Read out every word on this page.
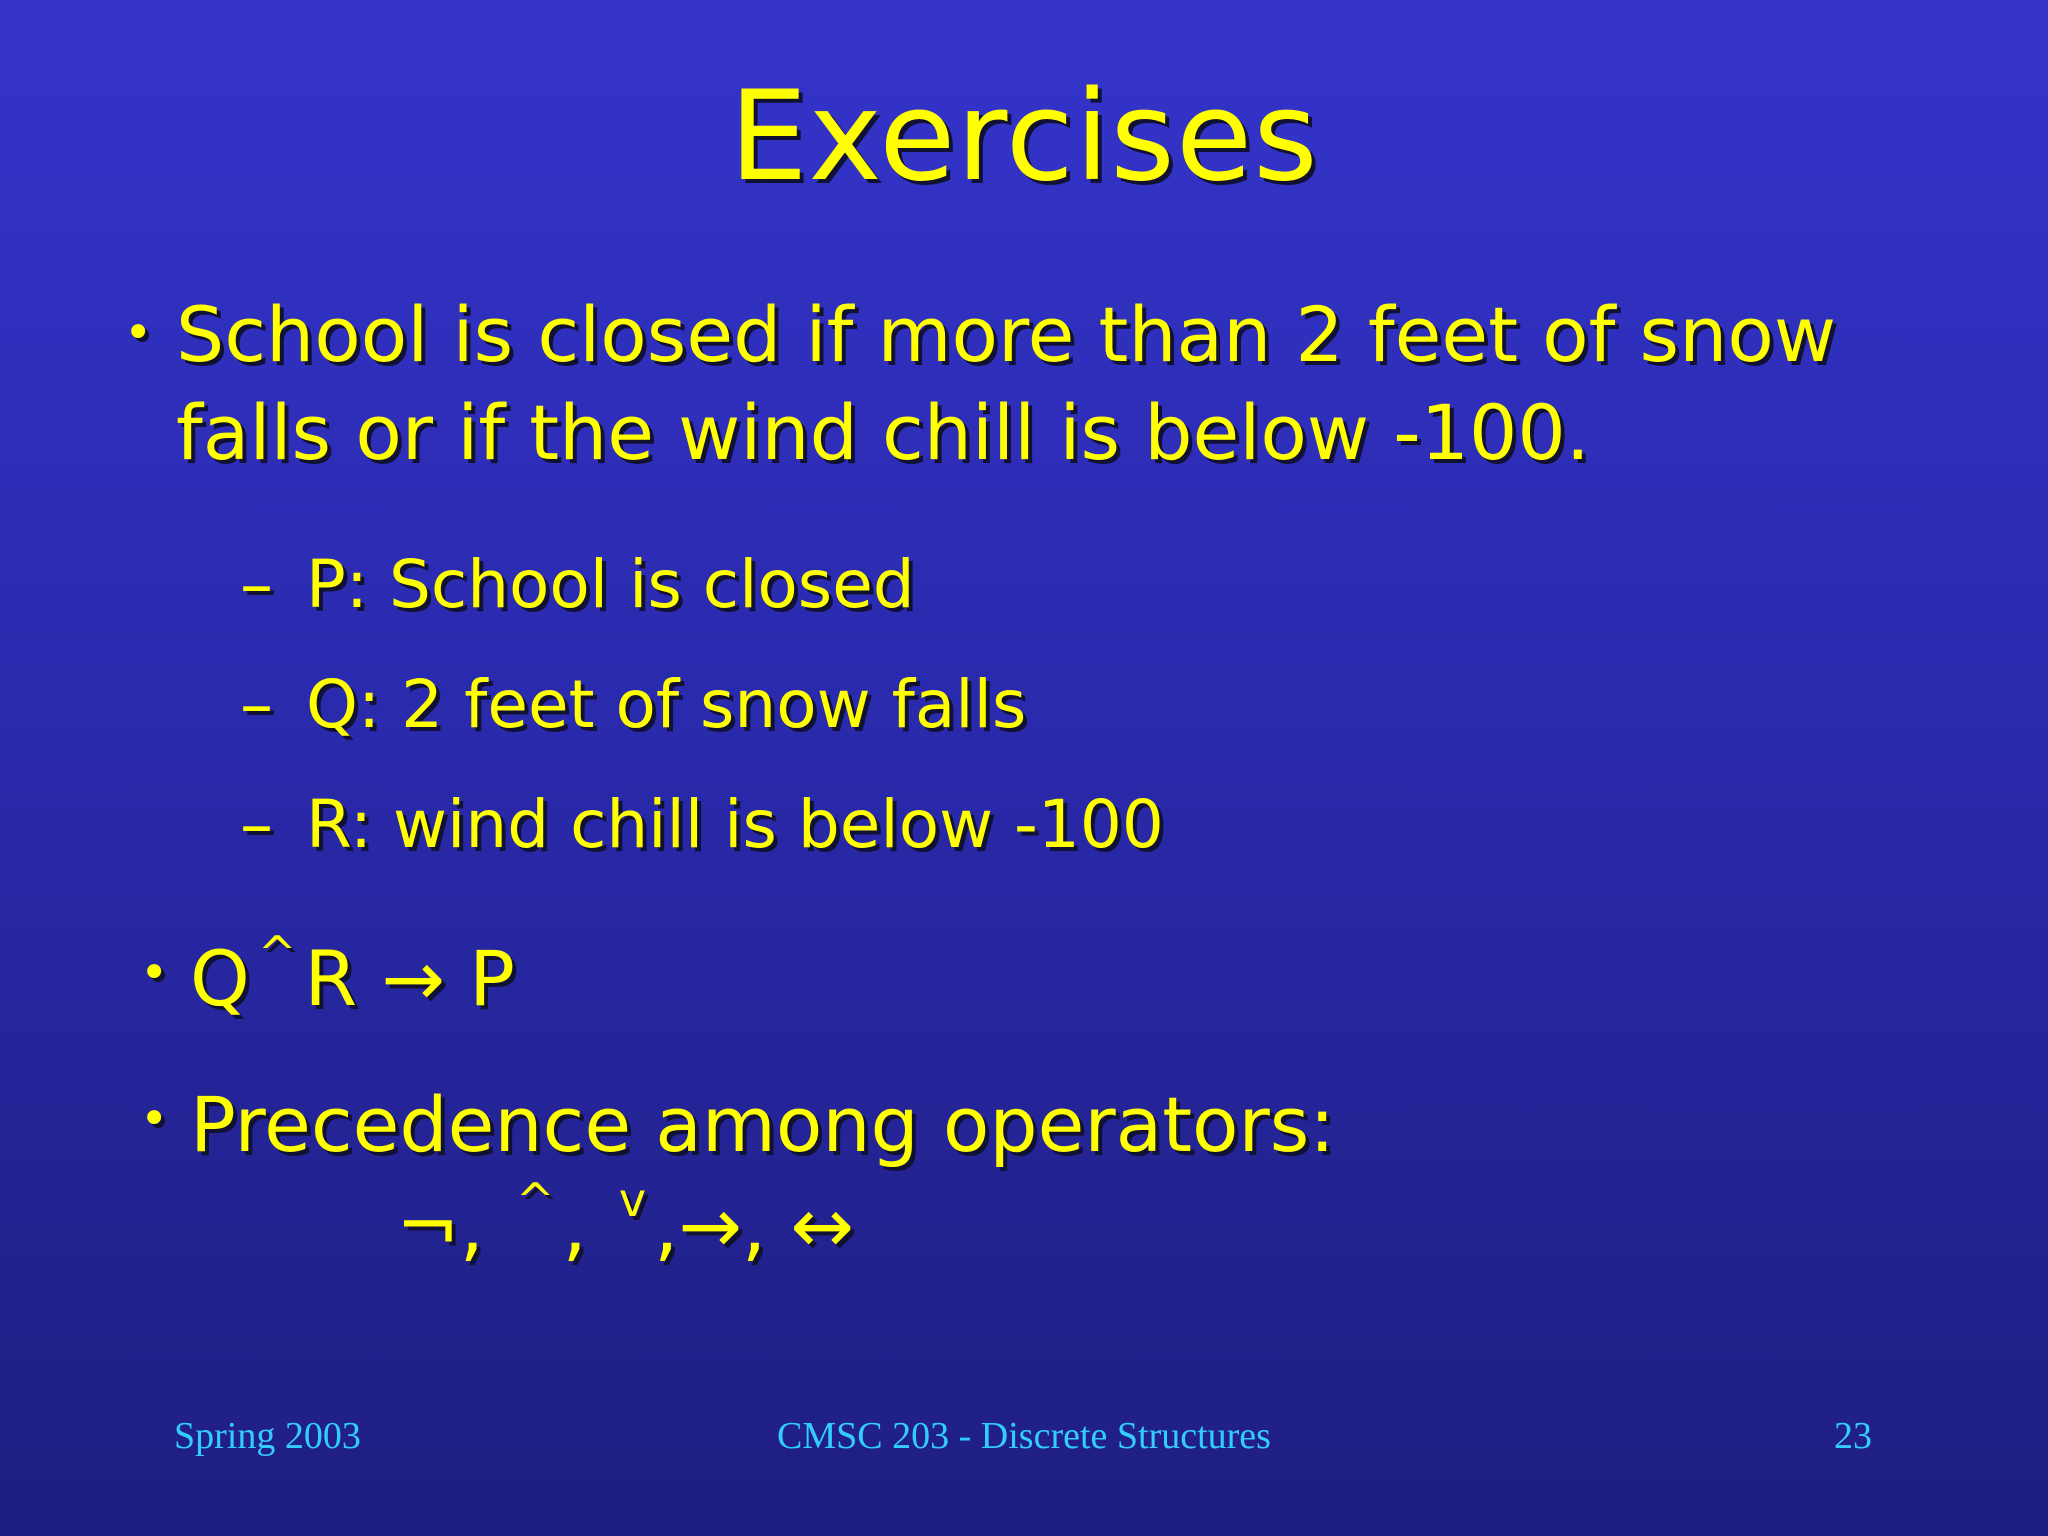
Exercises
• School is closed if more than 2 feet of snow falls or if the wind chill is below -100.
– P: School is closed
– Q: 2 feet of snow falls
– R: wind chill is below -100
• Q ^ R → P
• Precedence among operators:
¬, ^ , $^v$ ,→, ↔
Spring 2003	CMSC 203 - Discrete Structures	23
